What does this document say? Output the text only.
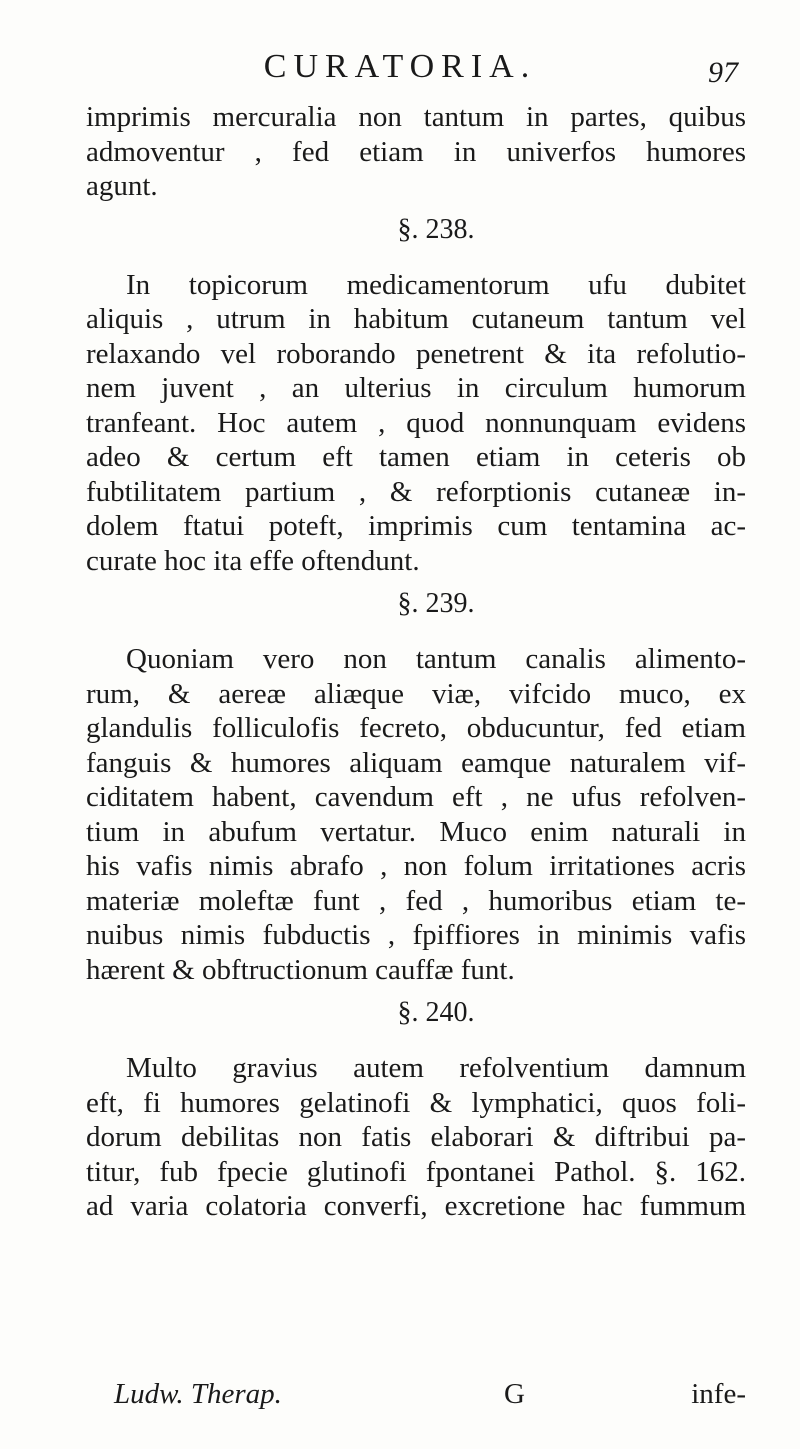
CURATORIA.	97
imprimis mercuralia non tantum in partes, quibus
admoventur , fed etiam in univerfos humores
agunt.
§. 238.
In topicorum medicamentorum ufu dubitet
aliquis , utrum in habitum cutaneum tantum vel
relaxando vel roborando penetrent & ita refolutio-
nem juvent , an ulterius in circulum humorum
tranfeant. Hoc autem , quod nonnunquam evidens
adeo & certum eft tamen etiam in ceteris ob
fubtilitatem partium , & reforptionis cutaneæ in-
dolem ftatui poteft, imprimis cum tentamina ac-
curate hoc ita effe oftendunt.
§. 239.
Quoniam vero non tantum canalis alimento-
rum, & aereæ aliæque viæ, vifcido muco, ex
glandulis folliculofis fecreto, obducuntur, fed etiam
fanguis & humores aliquam eamque naturalem vif-
ciditatem habent, cavendum eft , ne ufus refolven-
tium in abufum vertatur. Muco enim naturali in
his vafis nimis abrafo , non folum irritationes acris
materiæ moleftæ funt , fed , humoribus etiam te-
nuibus nimis fubductis , fpiffiores in minimis vafis
hærent & obftructionum cauffæ funt.
§. 240.
Multo gravius autem refolventium damnum
eft, fi humores gelatinofi & lymphatici, quos foli-
dorum debilitas non fatis elaborari & diftribui pa-
titur, fub fpecie glutinofi fpontanei Pathol. §. 162.
ad varia colatoria converfi, excretione hac fummum
Ludw. Therap.	G	infe-
